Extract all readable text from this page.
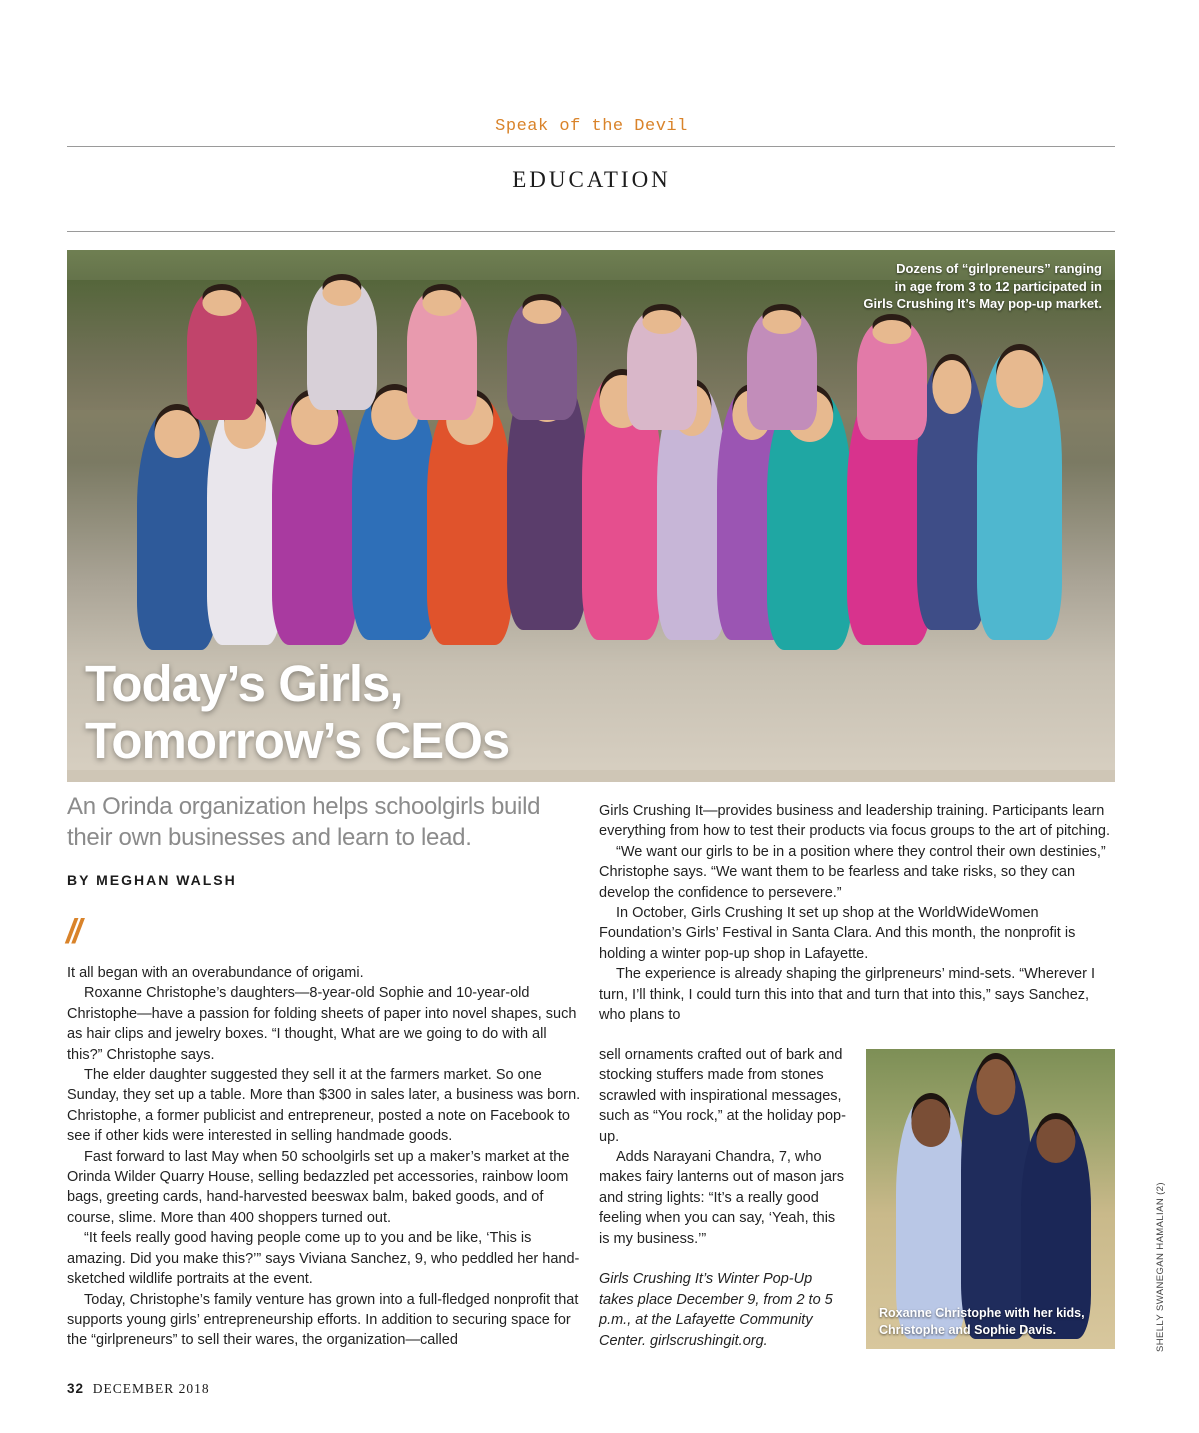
Speak of the Devil
EDUCATION
Dozens of “girlpreneurs” ranging
in age from 3 to 12 participated in
Girls Crushing It’s May pop-up market.
Today’s Girls,
Tomorrow’s CEOs
An Orinda organization helps schoolgirls build their own businesses and learn to lead.
BY MEGHAN WALSH
//

It all began with an overabundance of origami.

Roxanne Christophe’s daughters—8-year-old Sophie and 10-year-old Christophe—have a passion for folding sheets of paper into novel shapes, such as hair clips and jewelry boxes. “I thought, What are we going to do with all this?” Christophe says.

The elder daughter suggested they sell it at the farmers market. So one Sunday, they set up a table. More than $300 in sales later, a business was born. Christophe, a former publicist and entrepreneur, posted a note on Facebook to see if other kids were interested in selling handmade goods.

Fast forward to last May when 50 schoolgirls set up a maker’s market at the Orinda Wilder Quarry House, selling bedazzled pet accessories, rainbow loom bags, greeting cards, hand-harvested beeswax balm, baked goods, and of course, slime. More than 400 shoppers turned out.

“It feels really good having people come up to you and be like, ‘This is amazing. Did you make this?’” says Viviana Sanchez, 9, who peddled her hand-sketched wildlife portraits at the event.

Today, Christophe’s family venture has grown into a full-fledged nonprofit that supports young girls’ entrepreneurship efforts. In addition to securing space for the “girlpreneurs” to sell their wares, the organization—called

Girls Crushing It—provides business and leadership training. Participants learn everything from how to test their products via focus groups to the art of pitching.

“We want our girls to be in a position where they control their own destinies,” Christophe says. “We want them to be fearless and take risks, so they can develop the confidence to persevere.”

In October, Girls Crushing It set up shop at the WorldWideWomen Foundation’s Girls’ Festival in Santa Clara. And this month, the nonprofit is holding a winter pop-up shop in Lafayette.

The experience is already shaping the girlpreneurs’ mind-sets. “Wherever I turn, I’ll think, I could turn this into that and turn that into this,” says Sanchez, who plans to

sell ornaments crafted out of bark and stocking stuffers made from stones scrawled with inspirational messages, such as “You rock,” at the holiday pop-up.

Adds Narayani Chandra, 7, who makes fairy lanterns out of mason jars and string lights: “It’s a really good feeling when you can say, ‘Yeah, this is my business.’”

Girls Crushing It’s Winter Pop-Up takes place December 9, from 2 to 5 p.m., at the Lafayette Community Center. girlscrushingit.org.

Roxanne Christophe with her kids,
Christophe and Sophie Davis.	SHELLY SWANEGAN HAMALIAN (2)
32 DECEMBER 2018
